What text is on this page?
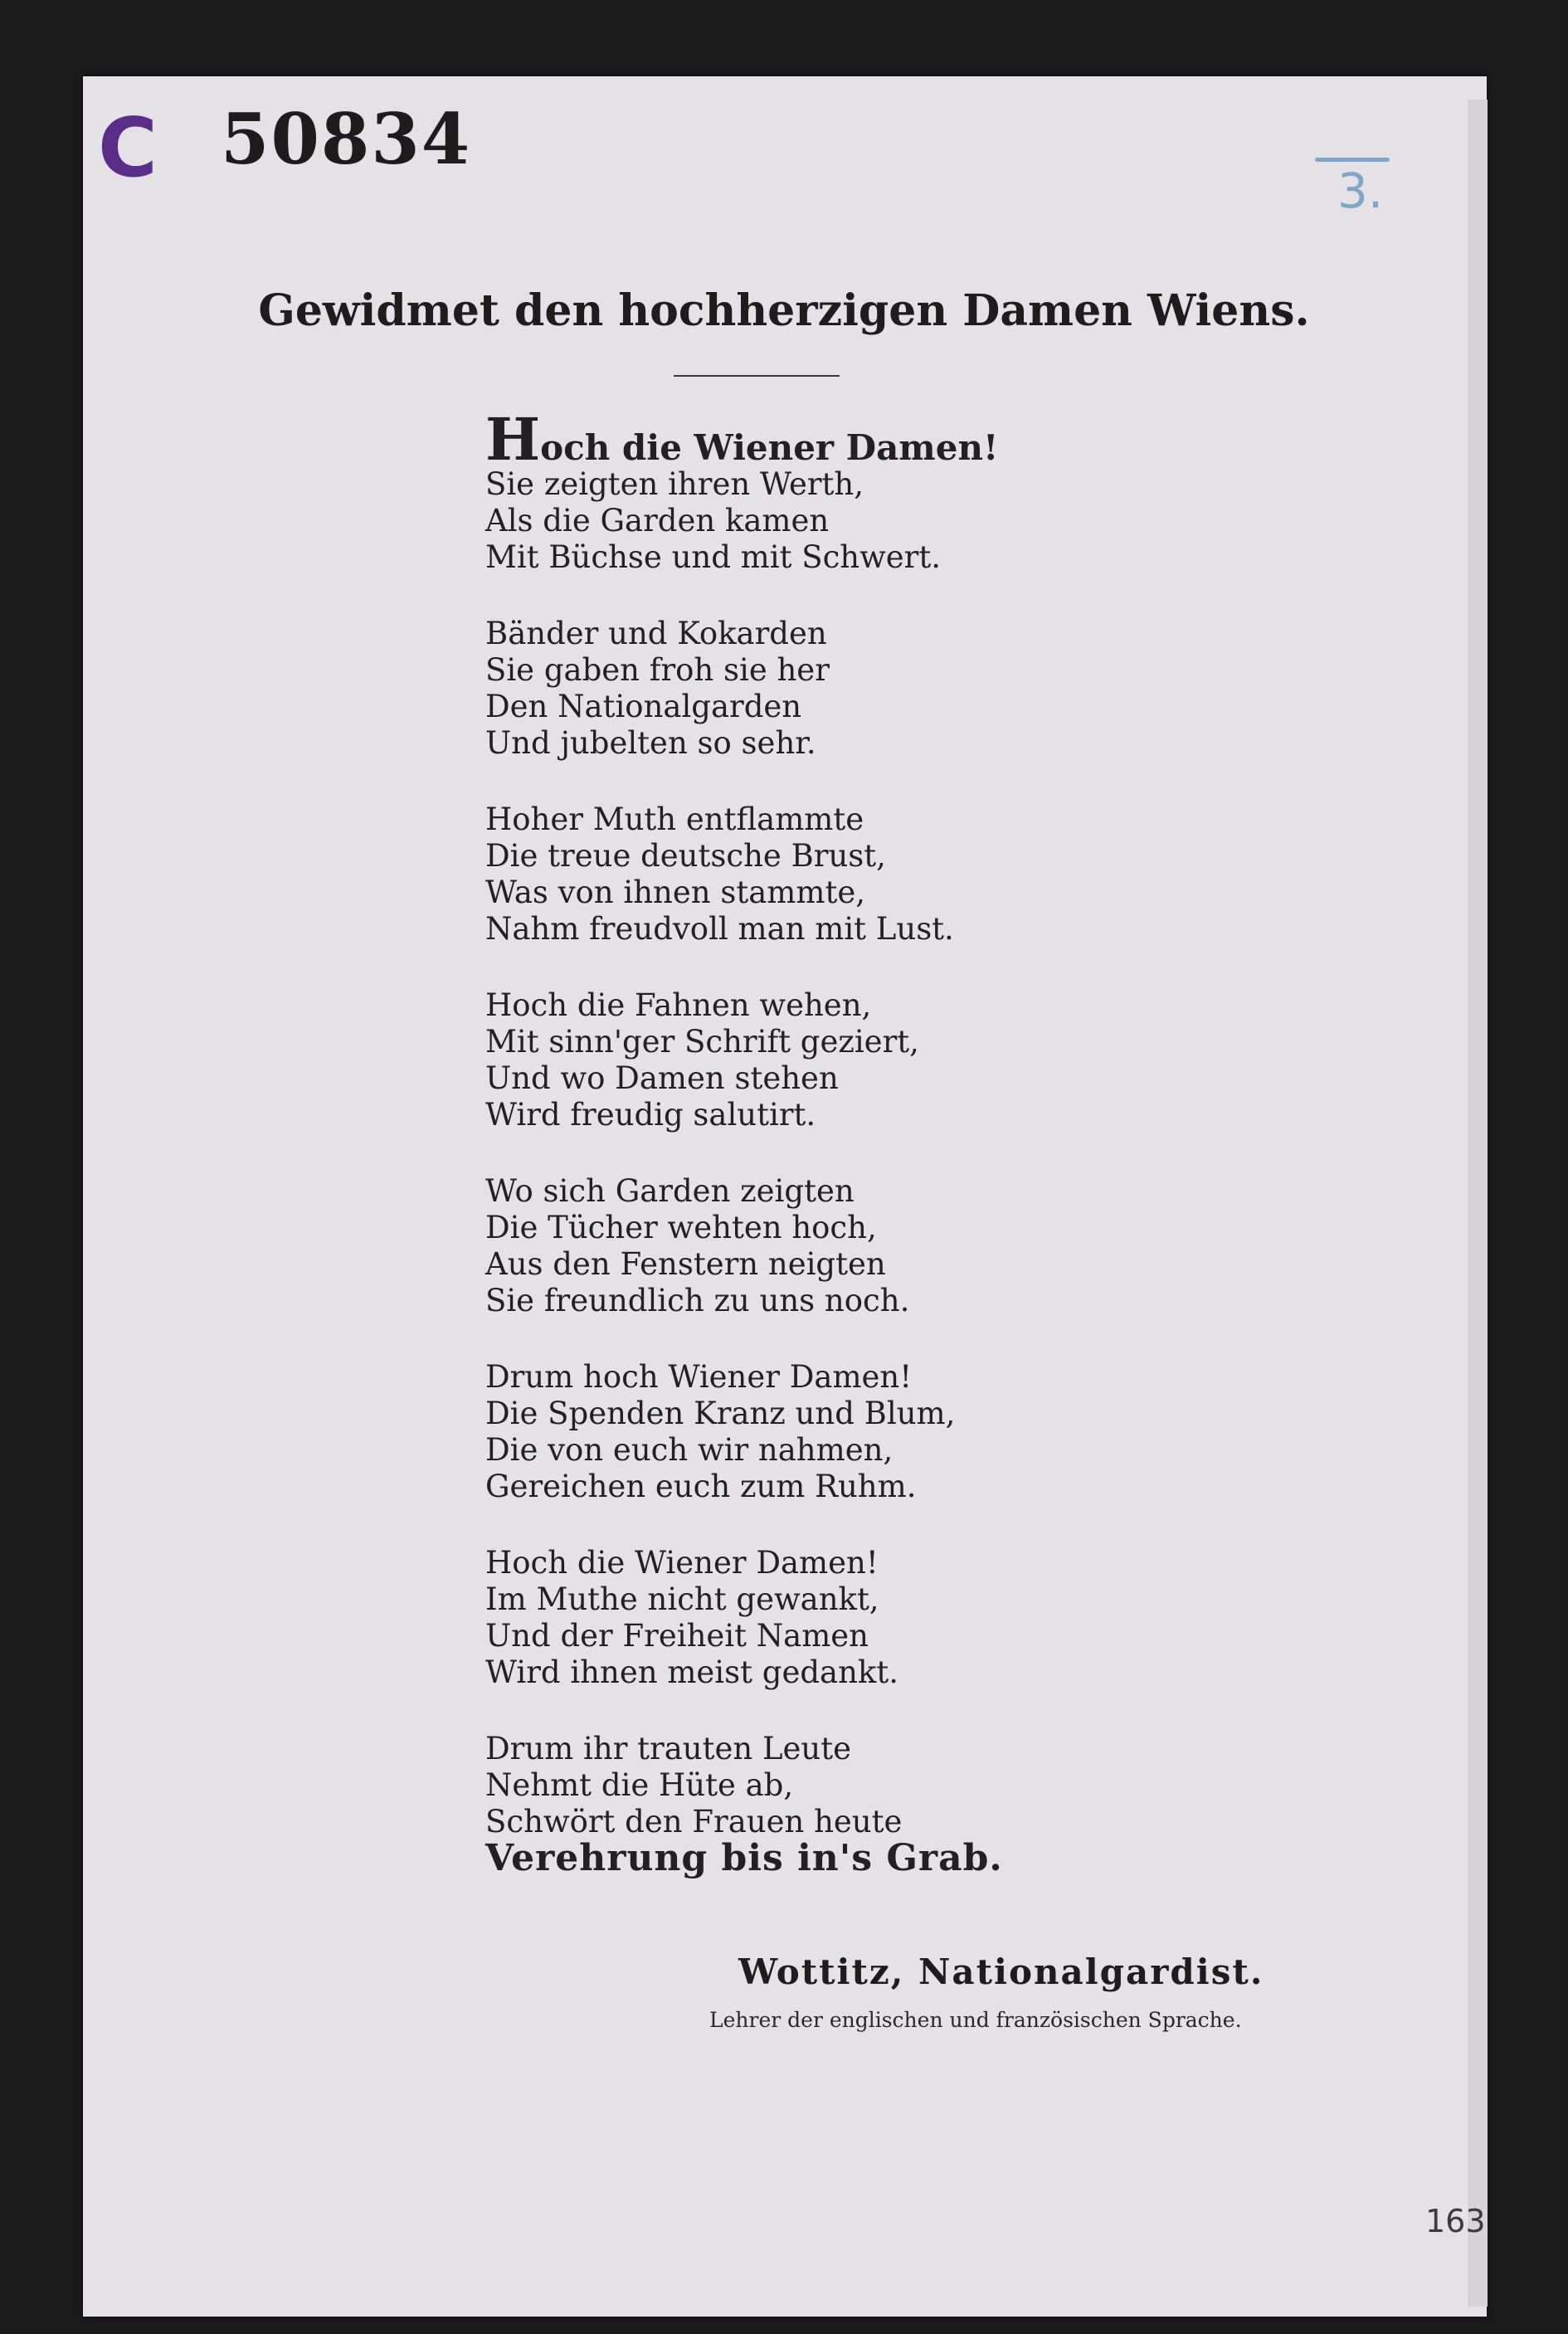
C 50834
3.
Gewidmet den hochherzigen Damen Wiens.
Hoch die Wiener Damen!
Sie zeigten ihren Werth,
Als die Garden kamen
Mit Büchse und mit Schwert.
Bänder und Kokarden
Sie gaben froh sie her
Den Nationalgarden
Und jubelten so sehr.
Hoher Muth entflammte
Die treue deutsche Brust,
Was von ihnen stammte,
Nahm freudvoll man mit Lust.
Hoch die Fahnen wehen,
Mit sinn'ger Schrift geziert,
Und wo Damen stehen
Wird freudig salutirt.
Wo sich Garden zeigten
Die Tücher wehten hoch,
Aus den Fenstern neigten
Sie freundlich zu uns noch.
Drum hoch Wiener Damen!
Die Spenden Kranz und Blum,
Die von euch wir nahmen,
Gereichen euch zum Ruhm.
Hoch die Wiener Damen!
Im Muthe nicht gewankt,
Und der Freiheit Namen
Wird ihnen meist gedankt.
Drum ihr trauten Leute
Nehmt die Hüte ab,
Schwört den Frauen heute
Verehrung bis in's Grab.
Wottitz, Nationalgardist.
Lehrer der englischen und französischen Sprache.
163
